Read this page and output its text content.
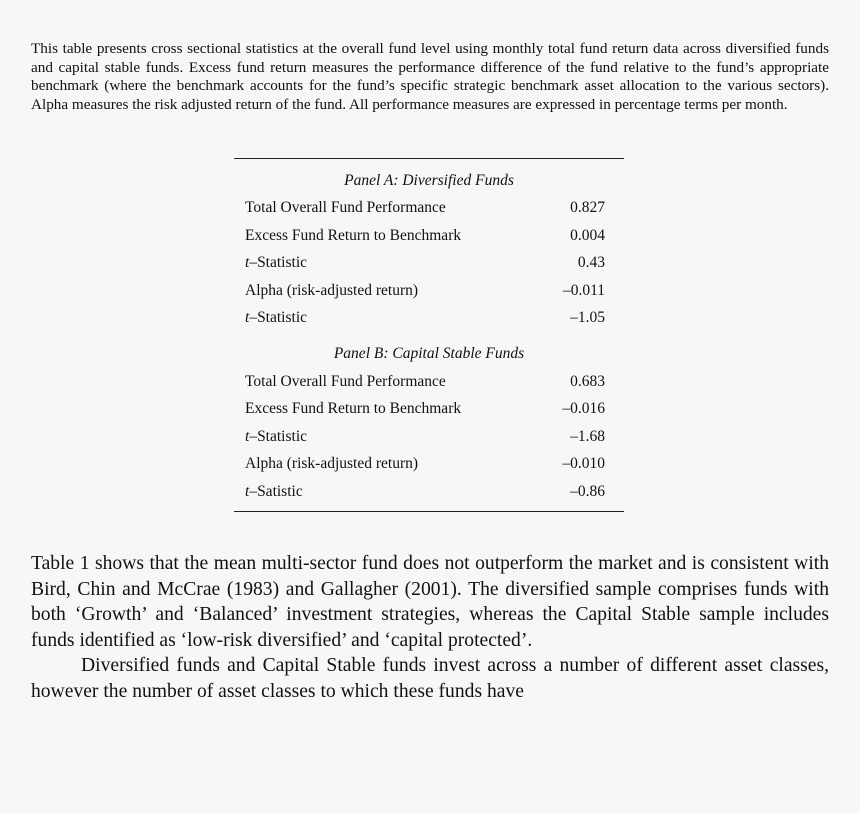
This table presents cross sectional statistics at the overall fund level using monthly total fund return data across diversified funds and capital stable funds. Excess fund return measures the performance difference of the fund relative to the fund’s appropriate benchmark (where the benchmark accounts for the fund’s specific strategic benchmark asset allocation to the various sectors). Alpha measures the risk adjusted return of the fund. All performance measures are expressed in percentage terms per month.
Panel A: Diversified Funds
Total Overall Fund Performance	0.827
Excess Fund Return to Benchmark	0.004
t–Statistic	0.43
Alpha (risk-adjusted return)	–0.011
t–Statistic	–1.05
Panel B: Capital Stable Funds
Total Overall Fund Performance	0.683
Excess Fund Return to Benchmark	–0.016
t–Statistic	–1.68
Alpha (risk-adjusted return)	–0.010
t–Satistic	–0.86

Table 1 shows that the mean multi-sector fund does not outperform the market and is consistent with Bird, Chin and McCrae (1983) and Gallagher (2001). The diversified sample comprises funds with both ‘Growth’ and ‘Balanced’ investment strategies, whereas the Capital Stable sample includes funds identified as ‘low-risk diversified’ and ‘capital protected’.

Diversified funds and Capital Stable funds invest across a number of different asset classes, however the number of asset classes to which these funds have
